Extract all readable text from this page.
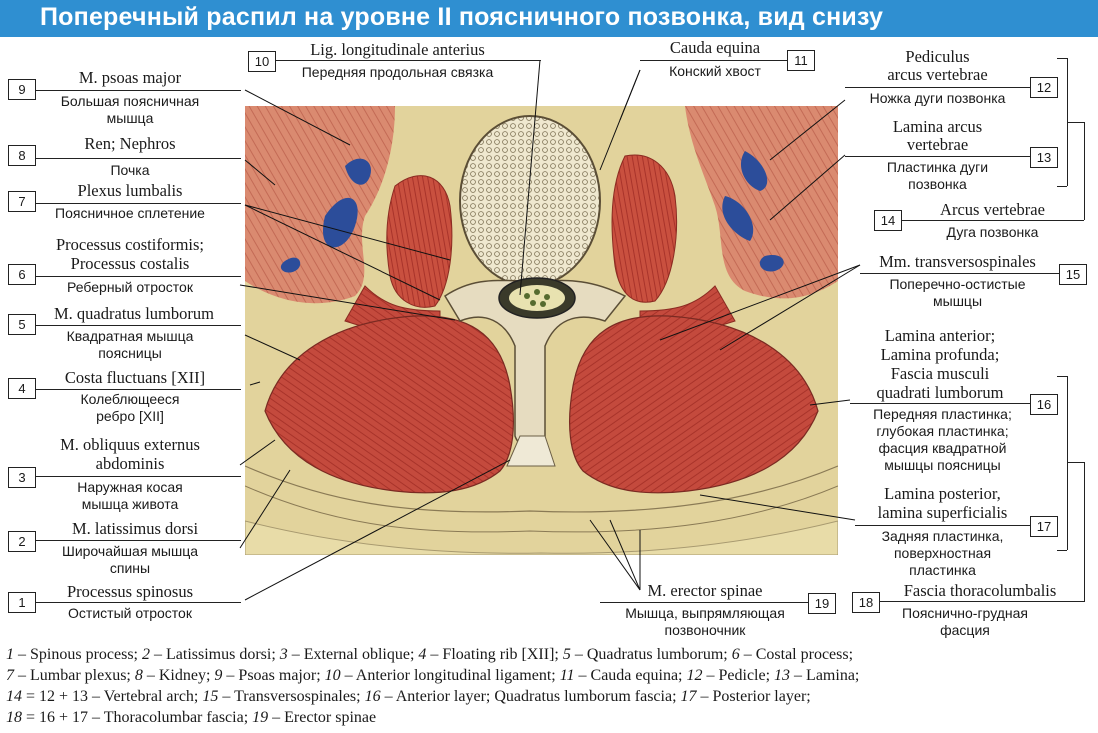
Поперечный распил на уровне II поясничного позвонка, вид снизу
9
M. psoas major
Большая поясничная
мышца
8
Ren; Nephros
Почка
7
Plexus lumbalis
Поясничное сплетение
6
Processus costiformis;
Processus costalis
Реберный отросток
5
M. quadratus lumborum
Квадратная мышца
поясницы
4
Costa fluctuans [XII]
Колеблющееся
ребро [XII]
3
M. obliquus externus
abdominis
Наружная косая
мышца живота
2
M. latissimus dorsi
Широчайшая мышца
спины
1
Processus spinosus
Остистый отросток
10
Lig. longitudinale anterius
Передняя продольная связка
11
Cauda equina
Конский хвост
12
Pediculus
arcus vertebrae
Ножка дуги позвонка
13
Lamina arcus
vertebrae
Пластинка дуги
позвонка
14
Arcus vertebrae
Дуга позвонка
15
Mm. transversospinales
Поперечно-остистые
мышцы
Lamina anterior;
Lamina profunda;
Fascia musculi
quadrati lumborum
16
Передняя пластинка;
глубокая пластинка;
фасция квадратной
мышцы поясницы
Lamina posterior,
lamina superficialis
17
Задняя пластинка,
поверхностная
пластинка
18
Fascia thoracolumbalis
Пояснично-грудная
фасция
19
M. erector spinae
Мышца, выпрямляющая
позвоночник
1 – Spinous process; 2 – Latissimus dorsi; 3 – External oblique; 4 – Floating rib [XII]; 5 – Quadratus lumborum; 6 – Costal process;
7 – Lumbar plexus; 8 – Kidney; 9 – Psoas major; 10 – Anterior longitudinal ligament; 11 – Cauda equina; 12 – Pedicle; 13 – Lamina;
14 = 12 + 13 – Vertebral arch; 15 – Transversospinales; 16 – Anterior layer; Quadratus lumborum fascia; 17 – Posterior layer;
18 = 16 + 17 – Thoracolumbar fascia; 19 – Erector spinae
